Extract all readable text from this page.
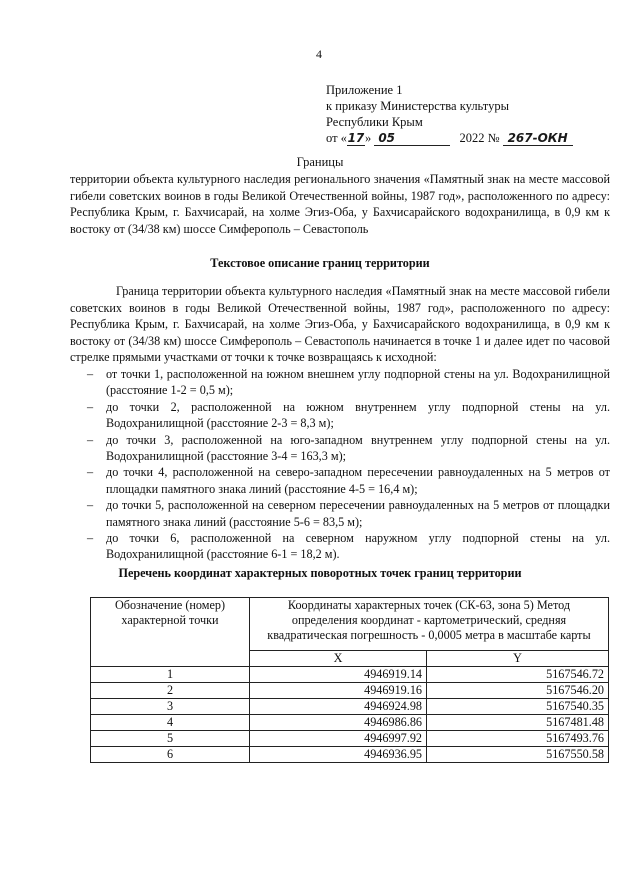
4
Приложение 1
к приказу Министерства культуры
Республики Крым
от «17» 05	2022 № 267-ОКН
Границы
территории объекта культурного наследия регионального значения «Памятный знак на месте массовой гибели советских воинов в годы Великой Отечественной войны, 1987 год», расположенного по адресу: Республика Крым, г. Бахчисарай, на холме Эгиз-Оба, у Бахчисарайского водохранилища, в 0,9 км к востоку от (34/38 км) шоссе Симферополь – Севастополь
Текстовое описание границ территории
Граница территории объекта культурного наследия «Памятный знак на месте массовой гибели советских воинов в годы Великой Отечественной войны, 1987 год», расположенного по адресу: Республика Крым, г. Бахчисарай, на холме Эгиз-Оба, у Бахчисарайского водохранилища, в 0,9 км к востоку от (34/38 км) шоссе Симферополь – Севастополь начинается в точке 1 и далее идет по часовой стрелке прямыми участками от точки к точке возвращаясь к исходной:
– от точки 1, расположенной на южном внешнем углу подпорной стены на ул. Водохранилищной (расстояние 1-2 = 0,5 м);
– до точки 2, расположенной на южном внутреннем углу подпорной стены на ул. Водохранилищной (расстояние 2-3 = 8,3 м);
– до точки 3, расположенной на юго-западном внутреннем углу подпорной стены на ул. Водохранилищной (расстояние 3-4 = 163,3 м);
– до точки 4, расположенной на северо-западном пересечении равноудаленных на 5 метров от площадки памятного знака линий (расстояние 4-5 = 16,4 м);
– до точки 5, расположенной на северном пересечении равноудаленных на 5 метров от площадки памятного знака линий (расстояние 5-6 = 83,5 м);
– до точки 6, расположенной на северном наружном углу подпорной стены на ул. Водохранилищной (расстояние 6-1 = 18,2 м).
Перечень координат характерных поворотных точек границ территории
Обозначение (номер) характерной точки	Координаты характерных точек (СК-63, зона 5) Метод определения координат - картометрический, средняя квадратическая погрешность - 0,0005 метра в масштабе карты	
	X	Y
1	4946919.14	5167546.72
2	4946919.16	5167546.20
3	4946924.98	5167540.35
4	4946986.86	5167481.48
5	4946997.92	5167493.76
6	4946936.95	5167550.58
